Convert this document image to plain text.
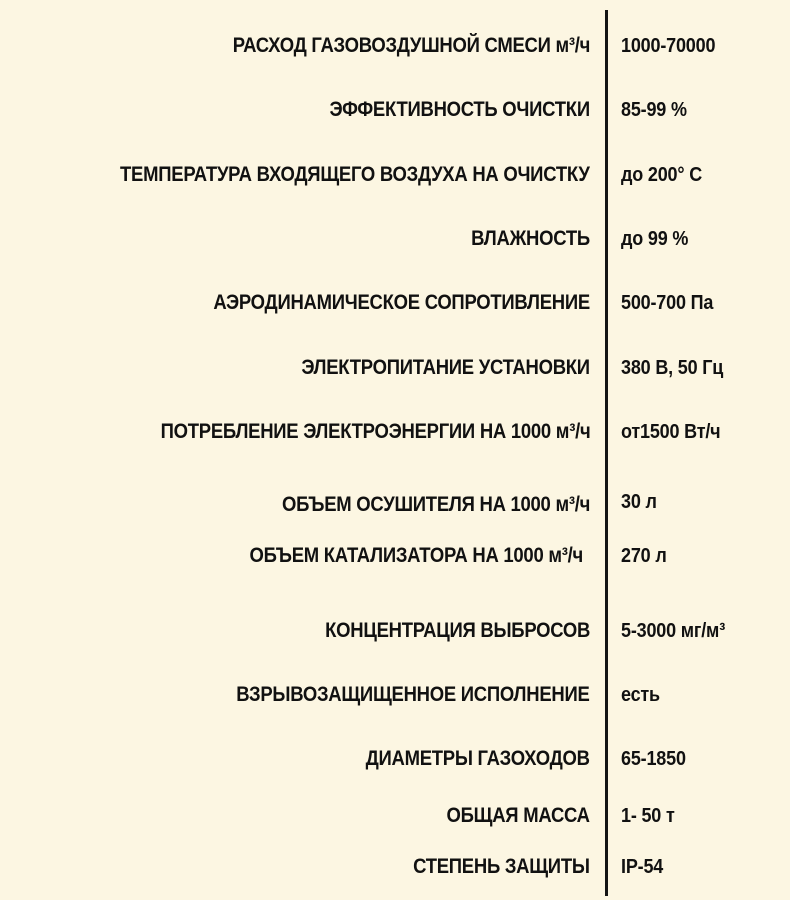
РАСХОД ГАЗОВОЗДУШНОЙ СМЕСИ м³/ч 1000-70000
ЭФФЕКТИВНОСТЬ ОЧИСТКИ 85-99 %
ТЕМПЕРАТУРА ВХОДЯЩЕГО ВОЗДУХА НА ОЧИСТКУ до 200° С
ВЛАЖНОСТЬ до 99 %
АЭРОДИНАМИЧЕСКОЕ СОПРОТИВЛЕНИЕ 500-700 Па
ЭЛЕКТРОПИТАНИЕ УСТАНОВКИ 380 В, 50 Гц
ПОТРЕБЛЕНИЕ ЭЛЕКТРОЭНЕРГИИ НА 1000 м³/ч от1500 Вт/ч
ОБЪЕМ ОСУШИТЕЛЯ НА 1000 м³/ч 30 л
ОБЪЕМ КАТАЛИЗАТОРА НА 1000 м³/ч 270 л
КОНЦЕНТРАЦИЯ ВЫБРОСОВ 5-3000 мг/м³
ВЗРЫВОЗАЩИЩЕННОЕ ИСПОЛНЕНИЕ есть
ДИАМЕТРЫ ГАЗОХОДОВ 65-1850
ОБЩАЯ МАССА 1- 50 т
СТЕПЕНЬ ЗАЩИТЫ IP-54
